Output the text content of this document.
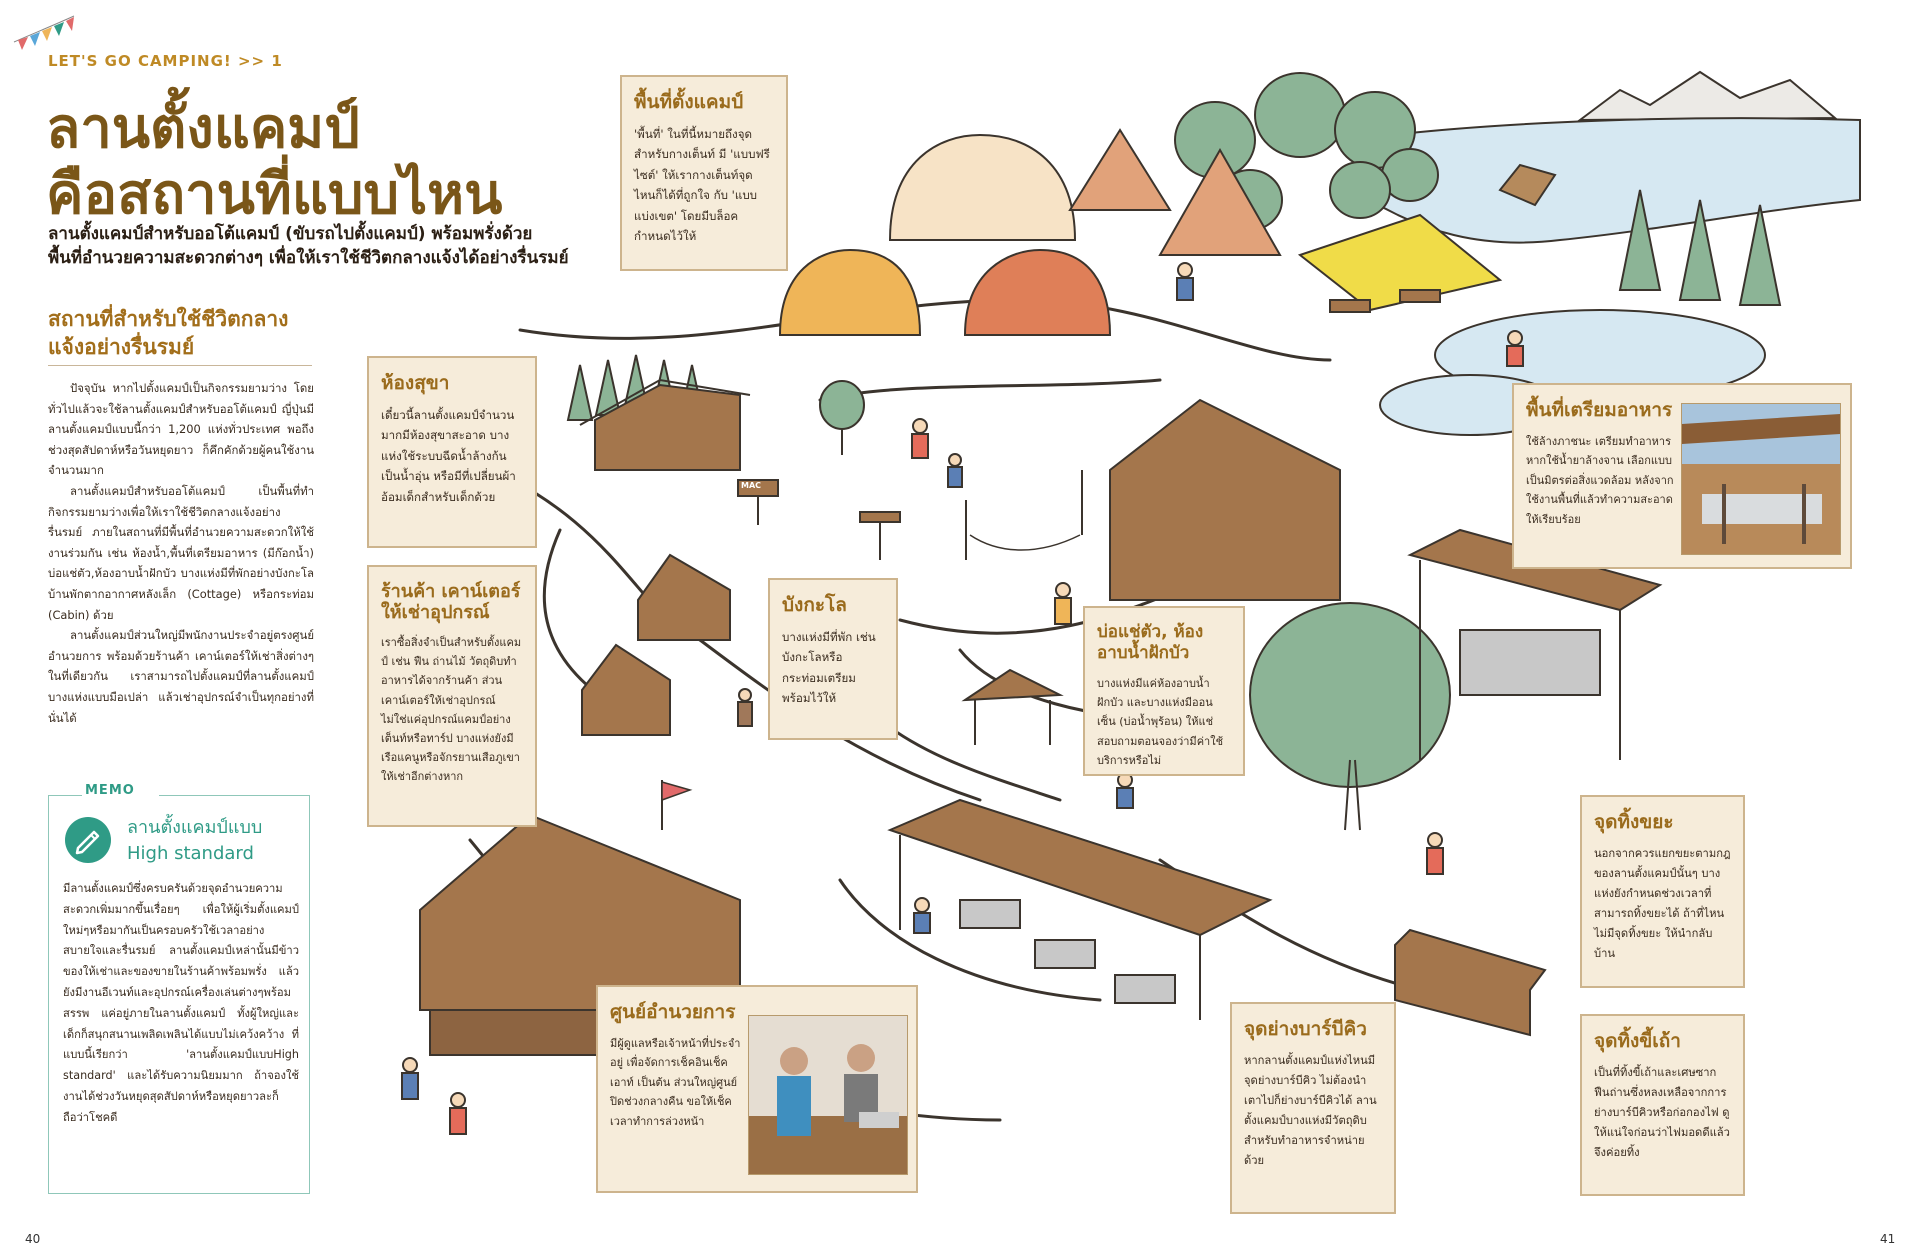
MAC
LET'S GO CAMPING! >> 1
ลานตั้งแคมป์
คือสถานที่แบบไหน
ลานตั้งแคมป์สำหรับออโต้แคมป์ (ขับรถไปตั้งแคมป์) พร้อมพรั่งด้วย
พื้นที่อำนวยความสะดวกต่างๆ เพื่อให้เราใช้ชีวิตกลางแจ้งได้อย่างรื่นรมย์
สถานที่สำหรับใช้ชีวิตกลาง
แจ้งอย่างรื่นรมย์

ปัจจุบัน หากไปตั้งแคมป์เป็นกิจกรรมยามว่าง โดยทั่วไปแล้วจะใช้ลานตั้งแคมป์สำหรับออโต้แคมป์ ญี่ปุ่นมีลานตั้งแคมป์แบบนี้กว่า 1,200 แห่งทั่วประเทศ พอถึงช่วงสุดสัปดาห์หรือวันหยุดยาว ก็คึกคักด้วยผู้คนใช้งานจำนวนมาก

ลานตั้งแคมป์สำหรับออโต้แคมป์ เป็นพื้นที่ทำกิจกรรมยามว่างเพื่อให้เราใช้ชีวิตกลางแจ้งอย่างรื่นรมย์ ภายในสถานที่มีพื้นที่อำนวยความสะดวกให้ใช้งานร่วมกัน เช่น ห้องน้ำ,พื้นที่เตรียมอาหาร (มีก๊อกน้ำ) บ่อแช่ตัว,ห้องอาบน้ำฝักบัว บางแห่งมีที่พักอย่างบังกะโล บ้านพักตากอากาศหลังเล็ก (Cottage) หรือกระท่อม (Cabin) ด้วย

ลานตั้งแคมป์ส่วนใหญ่มีพนักงานประจำอยู่ตรงศูนย์อำนวยการ พร้อมด้วยร้านค้า เคาน์เตอร์ให้เช่าสิ่งต่างๆในที่เดียวกัน เราสามารถไปตั้งแคมป์ที่ลานตั้งแคมป์บางแห่งแบบมือเปล่า แล้วเช่าอุปกรณ์จำเป็นทุกอย่างที่นั่นได้

MEMO
ลานตั้งแคมป์แบบ
High standard
มีลานตั้งแคมป์ซึ่งครบครันด้วยจุดอำนวยความสะดวกเพิ่มมากขึ้นเรื่อยๆ เพื่อให้ผู้เริ่มตั้งแคมป์ใหม่ๆหรือมากันเป็นครอบครัวใช้เวลาอย่างสบายใจและรื่นรมย์ ลานตั้งแคมป์เหล่านั้นมีข้าวของให้เช่าและของขายในร้านค้าพร้อมพรั่ง แล้วยังมีงานอีเวนท์และอุปกรณ์เครื่องเล่นต่างๆพร้อมสรรพ แค่อยู่ภายในลานตั้งแคมป์ ทั้งผู้ใหญ่และเด็กก็สนุกสนานเพลิดเพลินได้แบบไม่เคว้งคว้าง ที่แบบนี้เรียกว่า 'ลานตั้งแคมป์แบบHigh standard' และได้รับความนิยมมาก ถ้าจองใช้งานได้ช่วงวันหยุดสุดสัปดาห์หรือหยุดยาวละก็ถือว่าโชคดี
พื้นที่ตั้งแคมป์
'พื้นที่' ในที่นี้หมายถึงจุดสำหรับกางเต็นท์ มี 'แบบฟรีไซต์' ให้เรากางเต็นท์จุดไหนก็ได้ที่ถูกใจ กับ 'แบบแบ่งเขต' โดยมีบล็อคกำหนดไว้ให้
ห้องสุขา
เดี๋ยวนี้ลานตั้งแคมป์จำนวนมากมีห้องสุขาสะอาด บางแห่งใช้ระบบฉีดน้ำล้างก้นเป็นน้ำอุ่น หรือมีที่เปลี่ยนผ้าอ้อมเด็กสำหรับเด็กด้วย
ร้านค้า เคาน์เตอร์ให้เช่าอุปกรณ์
เราซื้อสิ่งจำเป็นสำหรับตั้งแคมป์ เช่น ฟืน ถ่านไม้ วัตถุดิบทำอาหารได้จากร้านค้า ส่วนเคาน์เตอร์ให้เช่าอุปกรณ์ ไม่ใช่แค่อุปกรณ์แคมป์อย่างเต็นท์หรือทาร์ป บางแห่งยังมีเรือแคนูหรือจักรยานเสือภูเขาให้เช่าอีกต่างหาก
บังกะโล
บางแห่งมีที่พัก เช่น บังกะโลหรือกระท่อมเตรียมพร้อมไว้ให้
บ่อแช่ตัว, ห้องอาบน้ำฝักบัว
บางแห่งมีแค่ห้องอาบน้ำฝักบัว และบางแห่งมีออนเซ็น (บ่อน้ำพุร้อน) ให้แช่ สอบถามตอนจองว่ามีค่าใช้บริการหรือไม่
พื้นที่เตรียมอาหาร
ใช้ล้างภาชนะ เตรียมทำอาหาร หากใช้น้ำยาล้างจาน เลือกแบบเป็นมิตรต่อสิ่งแวดล้อม หลังจากใช้งานพื้นที่แล้วทำความสะอาดให้เรียบร้อย
ศูนย์อำนวยการ
มีผู้ดูแลหรือเจ้าหน้าที่ประจำอยู่ เพื่อจัดการเช็คอินเช็คเอาท์ เป็นต้น ส่วนใหญ่ศูนย์ปิดช่วงกลางคืน ขอให้เช็คเวลาทำการล่วงหน้า
จุดย่างบาร์บีคิว
หากลานตั้งแคมป์แห่งไหนมีจุดย่างบาร์บีคิว ไม่ต้องนำเตาไปก็ย่างบาร์บีคิวได้ ลานตั้งแคมป์บางแห่งมีวัตถุดิบสำหรับทำอาหารจำหน่ายด้วย
จุดทิ้งขยะ
นอกจากควรแยกขยะตามกฎของลานตั้งแคมป์นั้นๆ บางแห่งยังกำหนดช่วงเวลาที่สามารถทิ้งขยะได้ ถ้าที่ไหนไม่มีจุดทิ้งขยะ ให้นำกลับบ้าน
จุดทิ้งขี้เถ้า
เป็นที่ทิ้งขี้เถ้าและเศษซากฟืนถ่านซึ่งหลงเหลือจากการย่างบาร์บีคิวหรือก่อกองไฟ ดูให้แน่ใจก่อนว่าไฟมอดดีแล้วจึงค่อยทิ้ง
40	41
